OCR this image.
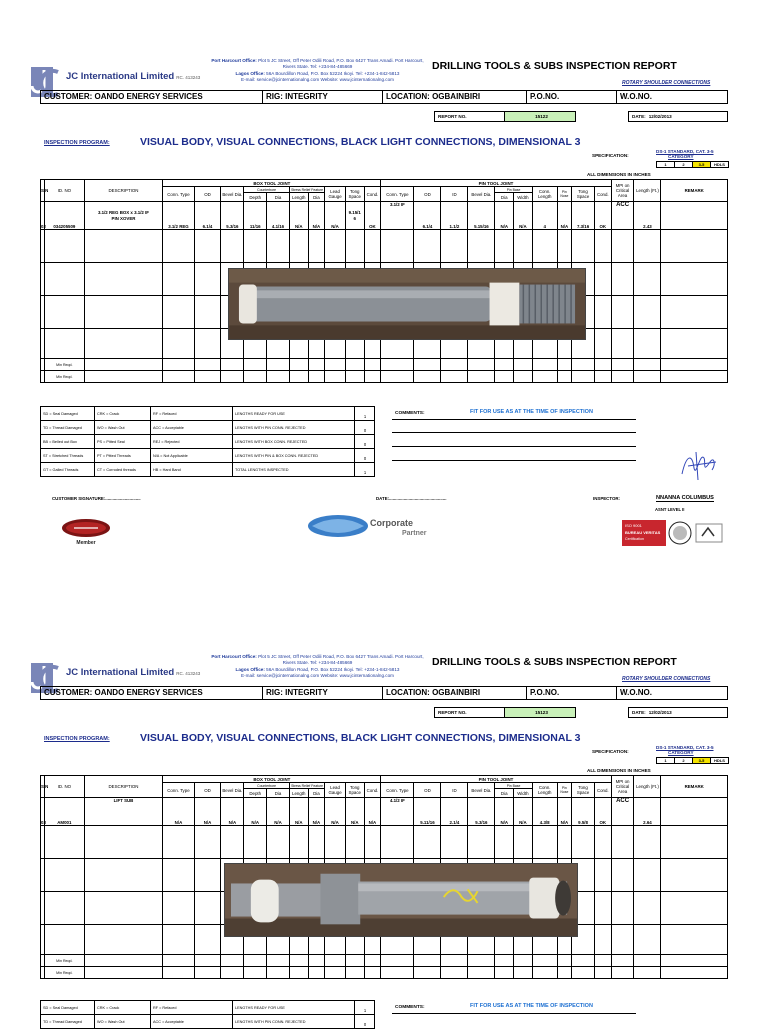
JC International Limited RC. 413243
Port Harcourt Office: Plot 5 JC Street, Off Peter Odili Road, P.O. Box 6427 Trans Amadi. Port Harcourt, Rivers State. Tel: +234-84-485669
Lagos Office: 56A Bourdillon Road, P.O. Box 52224 Ikoyi. Tel: +234-1-842-5813
E-mail: service@jcinternationalng.com Website: www.jcinternationalng.com
DRILLING TOOLS & SUBS INSPECTION REPORT
ROTARY SHOULDER CONNECTIONS
CUSTOMER: OANDO ENERGY SERVICES	RIG: INTEGRITY	LOCATION: OGBAINBIRI	P.O.NO.	W.O.NO.
REPORT NO.	15122	DATE: 12/02/2013
INSPECTION PROGRAM:	VISUAL BODY, VISUAL CONNECTIONS, BLACK LIGHT CONNECTIONS, DIMENSIONAL 3
SPECIFICATION:
DS-1 STANDARD, CAT. 3-5
CATEGORY
1	2	3-5	HDLS
ALL DIMENSIONS IN INCHES
S/N	ID. NO	DESCRIPTION	BOX TOOL JOINT										PIN TOOL JOINT										MPI on Critical Area	Length (Ft.)	REMARK
			Conn. Type	OD	Bevel Dia.	Counterbore		Stress Relief Feature		Lead Gauge	Tong Space	Cond.	Conn. Type	OD	ID	Bevel Dia.	Pin Base		Conn. Length	Pin Nose	Tong Space	Cond.			
						Depth	Dia	Length	Dia								Dia	Width							
02	034205509	3.1/2 REG BOX x 3.1/2 IF
PIN XOVER	3.1/2 REG	6.1/4	5.3/16	11/16	4.1/16	N/A	N/A	N/A	9.15/1
6	OK	3.1/2 IF	6.1/4	1.1/2	5.15/16	N/A	N/A	4	N/A	7.3/16	OK	ACC	2.43	

	Min Reqd.																								
	Min Reqd.																								
SD = Seal Damaged	CRK = Crack	RF = Refaced	LENGTHS READY FOR USE	1
TD = Thread Damaged	WO = Wash Out	ACC = Acceptable	LENGTHS WITH PIN CONN. REJECTED	0
BB = Belled out Box	PS = Pitted Seal	REJ = Rejected	LENGTHS WITH BOX CONN. REJECTED	0
ST = Stretched Threads	PT = Pitted Threads	N/A = Not Applicable	LENGTHS WITH PIN & BOX CONN. REJECTED	0
GT = Galled Threads	CT = Corroded threads	HB = Hard Band	TOTAL LENGTHS INSPECTED	1
COMMENTS:	FIT FOR USE AS AT THE TIME OF INSPECTION
CUSTOMER SIGNATURE:.............................	DATE:...............................................	INSPECTOR:	NNANNA COLUMBUS
ASNT LEVEL II
Member
Corporate
Partner
ISO 9001
BUREAU VERITAS
Certification
JC International Limited RC. 413243
Port Harcourt Office: Plot 5 JC Street, Off Peter Odili Road, P.O. Box 6427 Trans Amadi. Port Harcourt, Rivers State. Tel: +234-84-485669
Lagos Office: 56A Bourdillon Road, P.O. Box 52224 Ikoyi. Tel: +234-1-842-5813
E-mail: service@jcinternationalng.com Website: www.jcinternationalng.com
DRILLING TOOLS & SUBS INSPECTION REPORT
ROTARY SHOULDER CONNECTIONS
CUSTOMER: OANDO ENERGY SERVICES	RIG: INTEGRITY	LOCATION: OGBAINBIRI	P.O.NO.	W.O.NO.
REPORT NO.	15123	DATE: 12/02/2013
INSPECTION PROGRAM:	VISUAL BODY, VISUAL CONNECTIONS, BLACK LIGHT CONNECTIONS, DIMENSIONAL 3
SPECIFICATION:
DS-1 STANDARD, CAT. 3-5
CATEGORY
1	2	3-5	HDLS
ALL DIMENSIONS IN INCHES
S/N	ID. NO	DESCRIPTION	BOX TOOL JOINT										PIN TOOL JOINT										MPI on Critical Area	Length (Ft.)	REMARK
			Conn. Type	OD	Bevel Dia.	Counterbore		Stress Relief Feature		Lead Gauge	Tong Space	Cond.	Conn. Type	OD	ID	Bevel Dia.	Pin Base		Conn. Length	Pin Nose	Tong Space	Cond.			
						Depth	Dia	Length	Dia								Dia	Width							
03	AM001	LIFT SUB	N/A	N/A	N/A	N/A	N/A	N/A	N/A	N/A	N/A	N/A	4.1/2 IF	5.11/16	2.1/4	5.3/16	N/A	N/A	4.3/8	N/A	9.5/8	OK	ACC	2.64	

	Min Reqd.																								
	Min Reqd.																								
SD = Seal Damaged	CRK = Crack	RF = Refaced	LENGTHS READY FOR USE	1
TD = Thread Damaged	WO = Wash Out	ACC = Acceptable	LENGTHS WITH PIN CONN. REJECTED	0
COMMENTS:	FIT FOR USE AS AT THE TIME OF INSPECTION
